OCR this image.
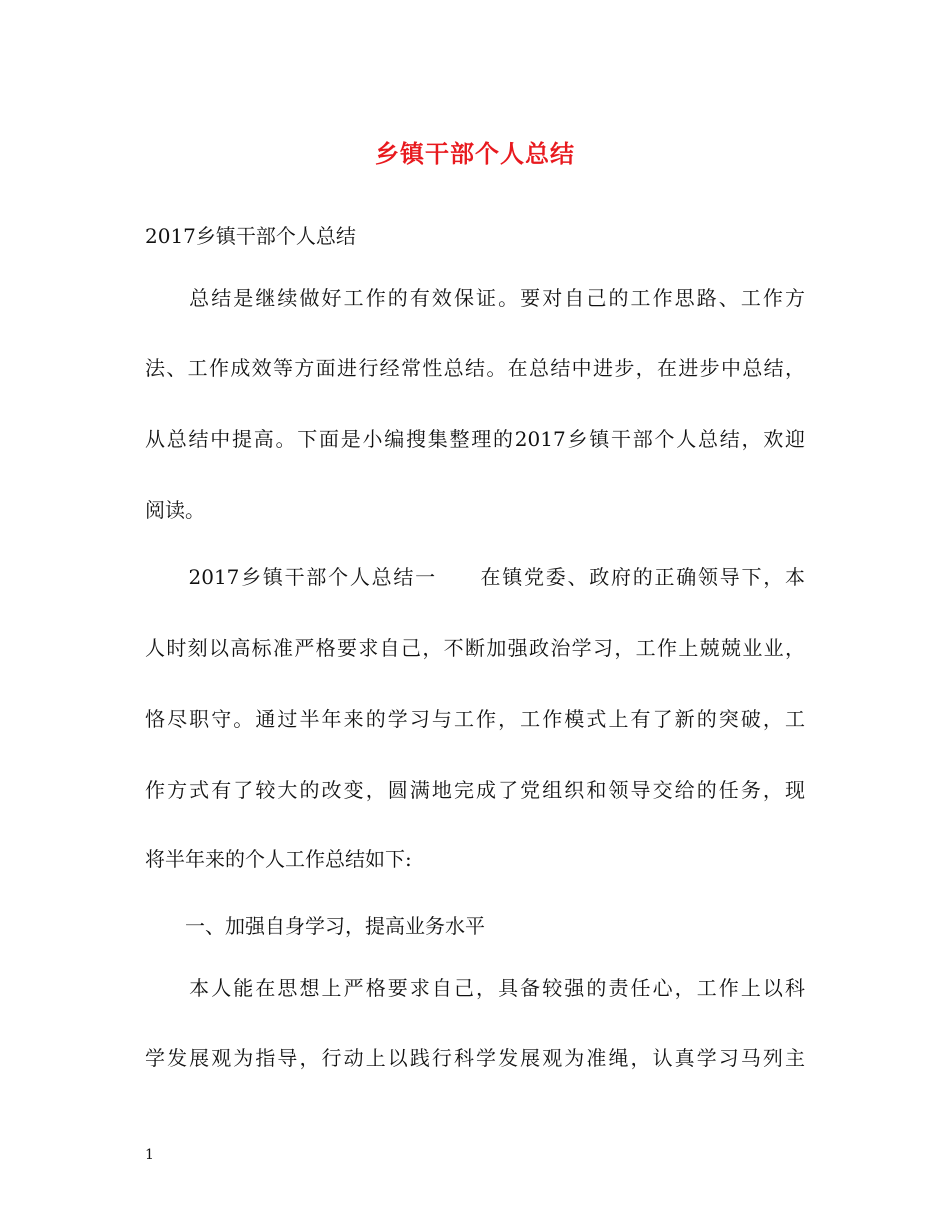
乡镇干部个人总结
2017乡镇干部个人总结
　　总结是继续做好工作的有效保证。要对自己的工作思路、工作方
法、工作成效等方面进行经常性总结。在总结中进步，在进步中总结，
从总结中提高。下面是小编搜集整理的2017乡镇干部个人总结，欢迎
阅读。
　　2017乡镇干部个人总结一　　在镇党委、政府的正确领导下，本
人时刻以高标准严格要求自己，不断加强政治学习，工作上兢兢业业，
恪尽职守。通过半年来的学习与工作，工作模式上有了新的突破，工
作方式有了较大的改变，圆满地完成了党组织和领导交给的任务，现
将半年来的个人工作总结如下:
　　一、加强自身学习，提高业务水平
　　本人能在思想上严格要求自己，具备较强的责任心，工作上以科
学发展观为指导，行动上以践行科学发展观为准绳，认真学习马列主
1
